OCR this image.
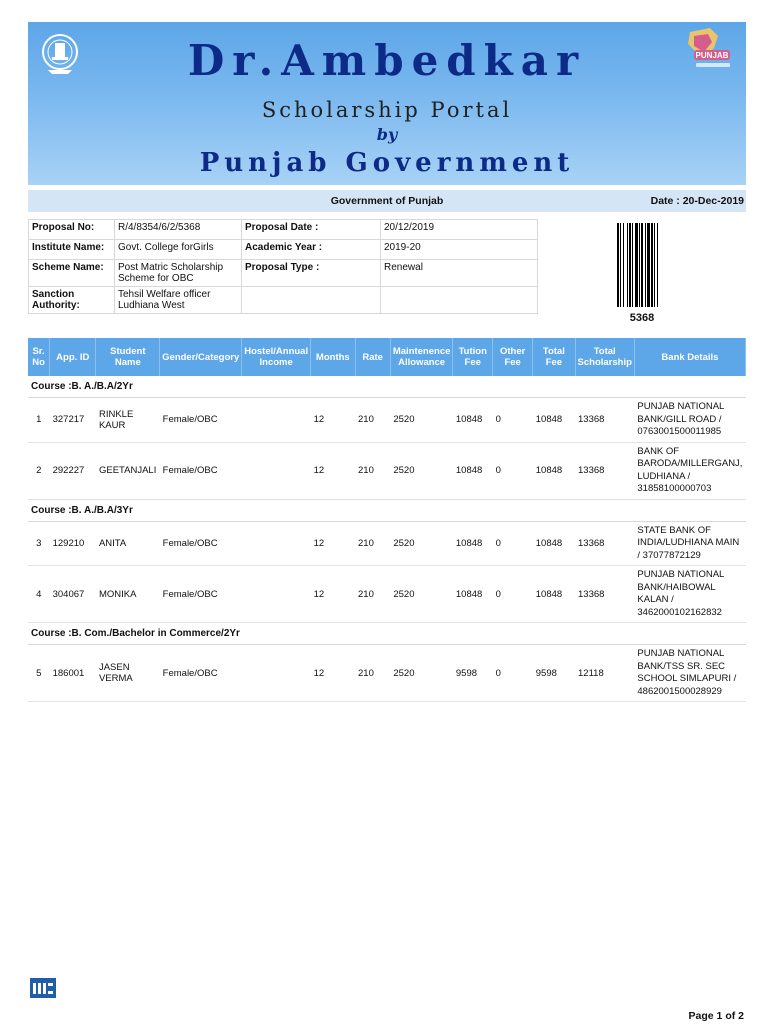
Dr.Ambedkar
Scholarship Portal
by
Punjab Government
PUNJAB
Government of Punjab	Date : 20-Dec-2019
Proposal No:	R/4/8354/6/2/5368	Proposal Date :	20/12/2019
Institute Name:	Govt. College forGirls	Academic Year :	2019-20
Scheme Name:	Post Matric Scholarship Scheme for OBC	Proposal Type :	Renewal
Sanction Authority:	Tehsil Welfare officer Ludhiana West		
5368
Sr. No	App. ID	Student Name	Gender/Category	Hostel/Annual Income	Months	Rate	Maintenence Allowance	Tution Fee	Other Fee	Total Fee	Total Scholarship	Bank Details
Course :B. A./B.A/2Yr												
1	327217	RINKLE KAUR	Female/OBC		12	210	2520	10848	0	10848	13368	PUNJAB NATIONAL BANK/GILL ROAD / 0763001500011985
2	292227	GEETANJALI	Female/OBC		12	210	2520	10848	0	10848	13368	BANK OF BARODA/MILLERGANJ, LUDHIANA / 31858100000703
Course :B. A./B.A/3Yr												
3	129210	ANITA	Female/OBC		12	210	2520	10848	0	10848	13368	STATE BANK OF INDIA/LUDHIANA MAIN / 37077872129
4	304067	MONIKA	Female/OBC		12	210	2520	10848	0	10848	13368	PUNJAB NATIONAL BANK/HAIBOWAL KALAN / 3462000102162832
Course :B. Com./Bachelor in Commerce/2Yr												
5	186001	JASEN VERMA	Female/OBC		12	210	2520	9598	0	9598	12118	PUNJAB NATIONAL BANK/TSS SR. SEC SCHOOL SIMLAPURI / 4862001500028929
Page 1 of 2
